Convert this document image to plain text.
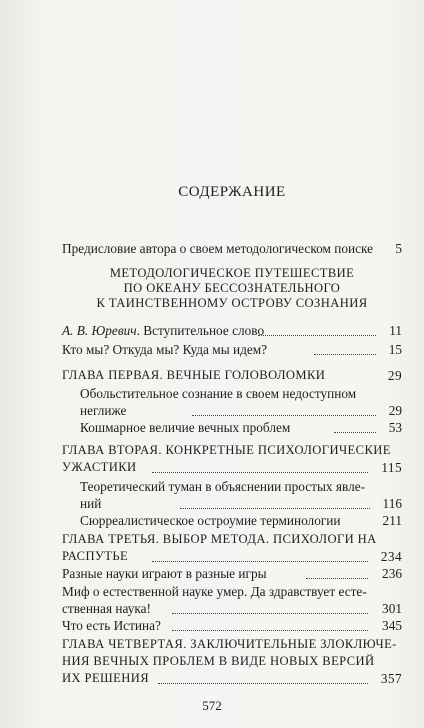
СОДЕРЖАНИЕ
Предисловие автора о своем методологическом поиске 5
МЕТОДОЛОГИЧЕСКОЕ ПУТЕШЕСТВИЕ
ПО ОКЕАНУ БЕССОЗНАТЕЛЬНОГО
К ТАИНСТВЕННОМУ ОСТРОВУ СОЗНАНИЯ
А. В. Юревич. Вступительное слово	11
Кто мы? Откуда мы? Куда мы идем?	15
ГЛАВА ПЕРВАЯ. ВЕЧНЫЕ ГОЛОВОЛОМКИ	29
Обольстительное сознание в своем недоступном
неглиже	29
Кошмарное величие вечных проблем	53
ГЛАВА ВТОРАЯ. КОНКРЕТНЫЕ ПСИХОЛОГИЧЕСКИЕ
УЖАСТИКИ	115
Теоретический туман в объяснении простых явле-
ний	116
Сюрреалистическое остроумие терминологии	211
ГЛАВА ТРЕТЬЯ. ВЫБОР МЕТОДА. ПСИХОЛОГИ НА
РАСПУТЬЕ	234
Разные науки играют в разные игры	236
Миф о естественной науке умер. Да здравствует есте-
ственная наука!	301
Что есть Истина?	345
ГЛАВА ЧЕТВЕРТАЯ. ЗАКЛЮЧИТЕЛЬНЫЕ ЗЛОКЛЮЧЕ-
НИЯ ВЕЧНЫХ ПРОБЛЕМ В ВИДЕ НОВЫХ ВЕРСИЙ
ИХ РЕШЕНИЯ	357
572
